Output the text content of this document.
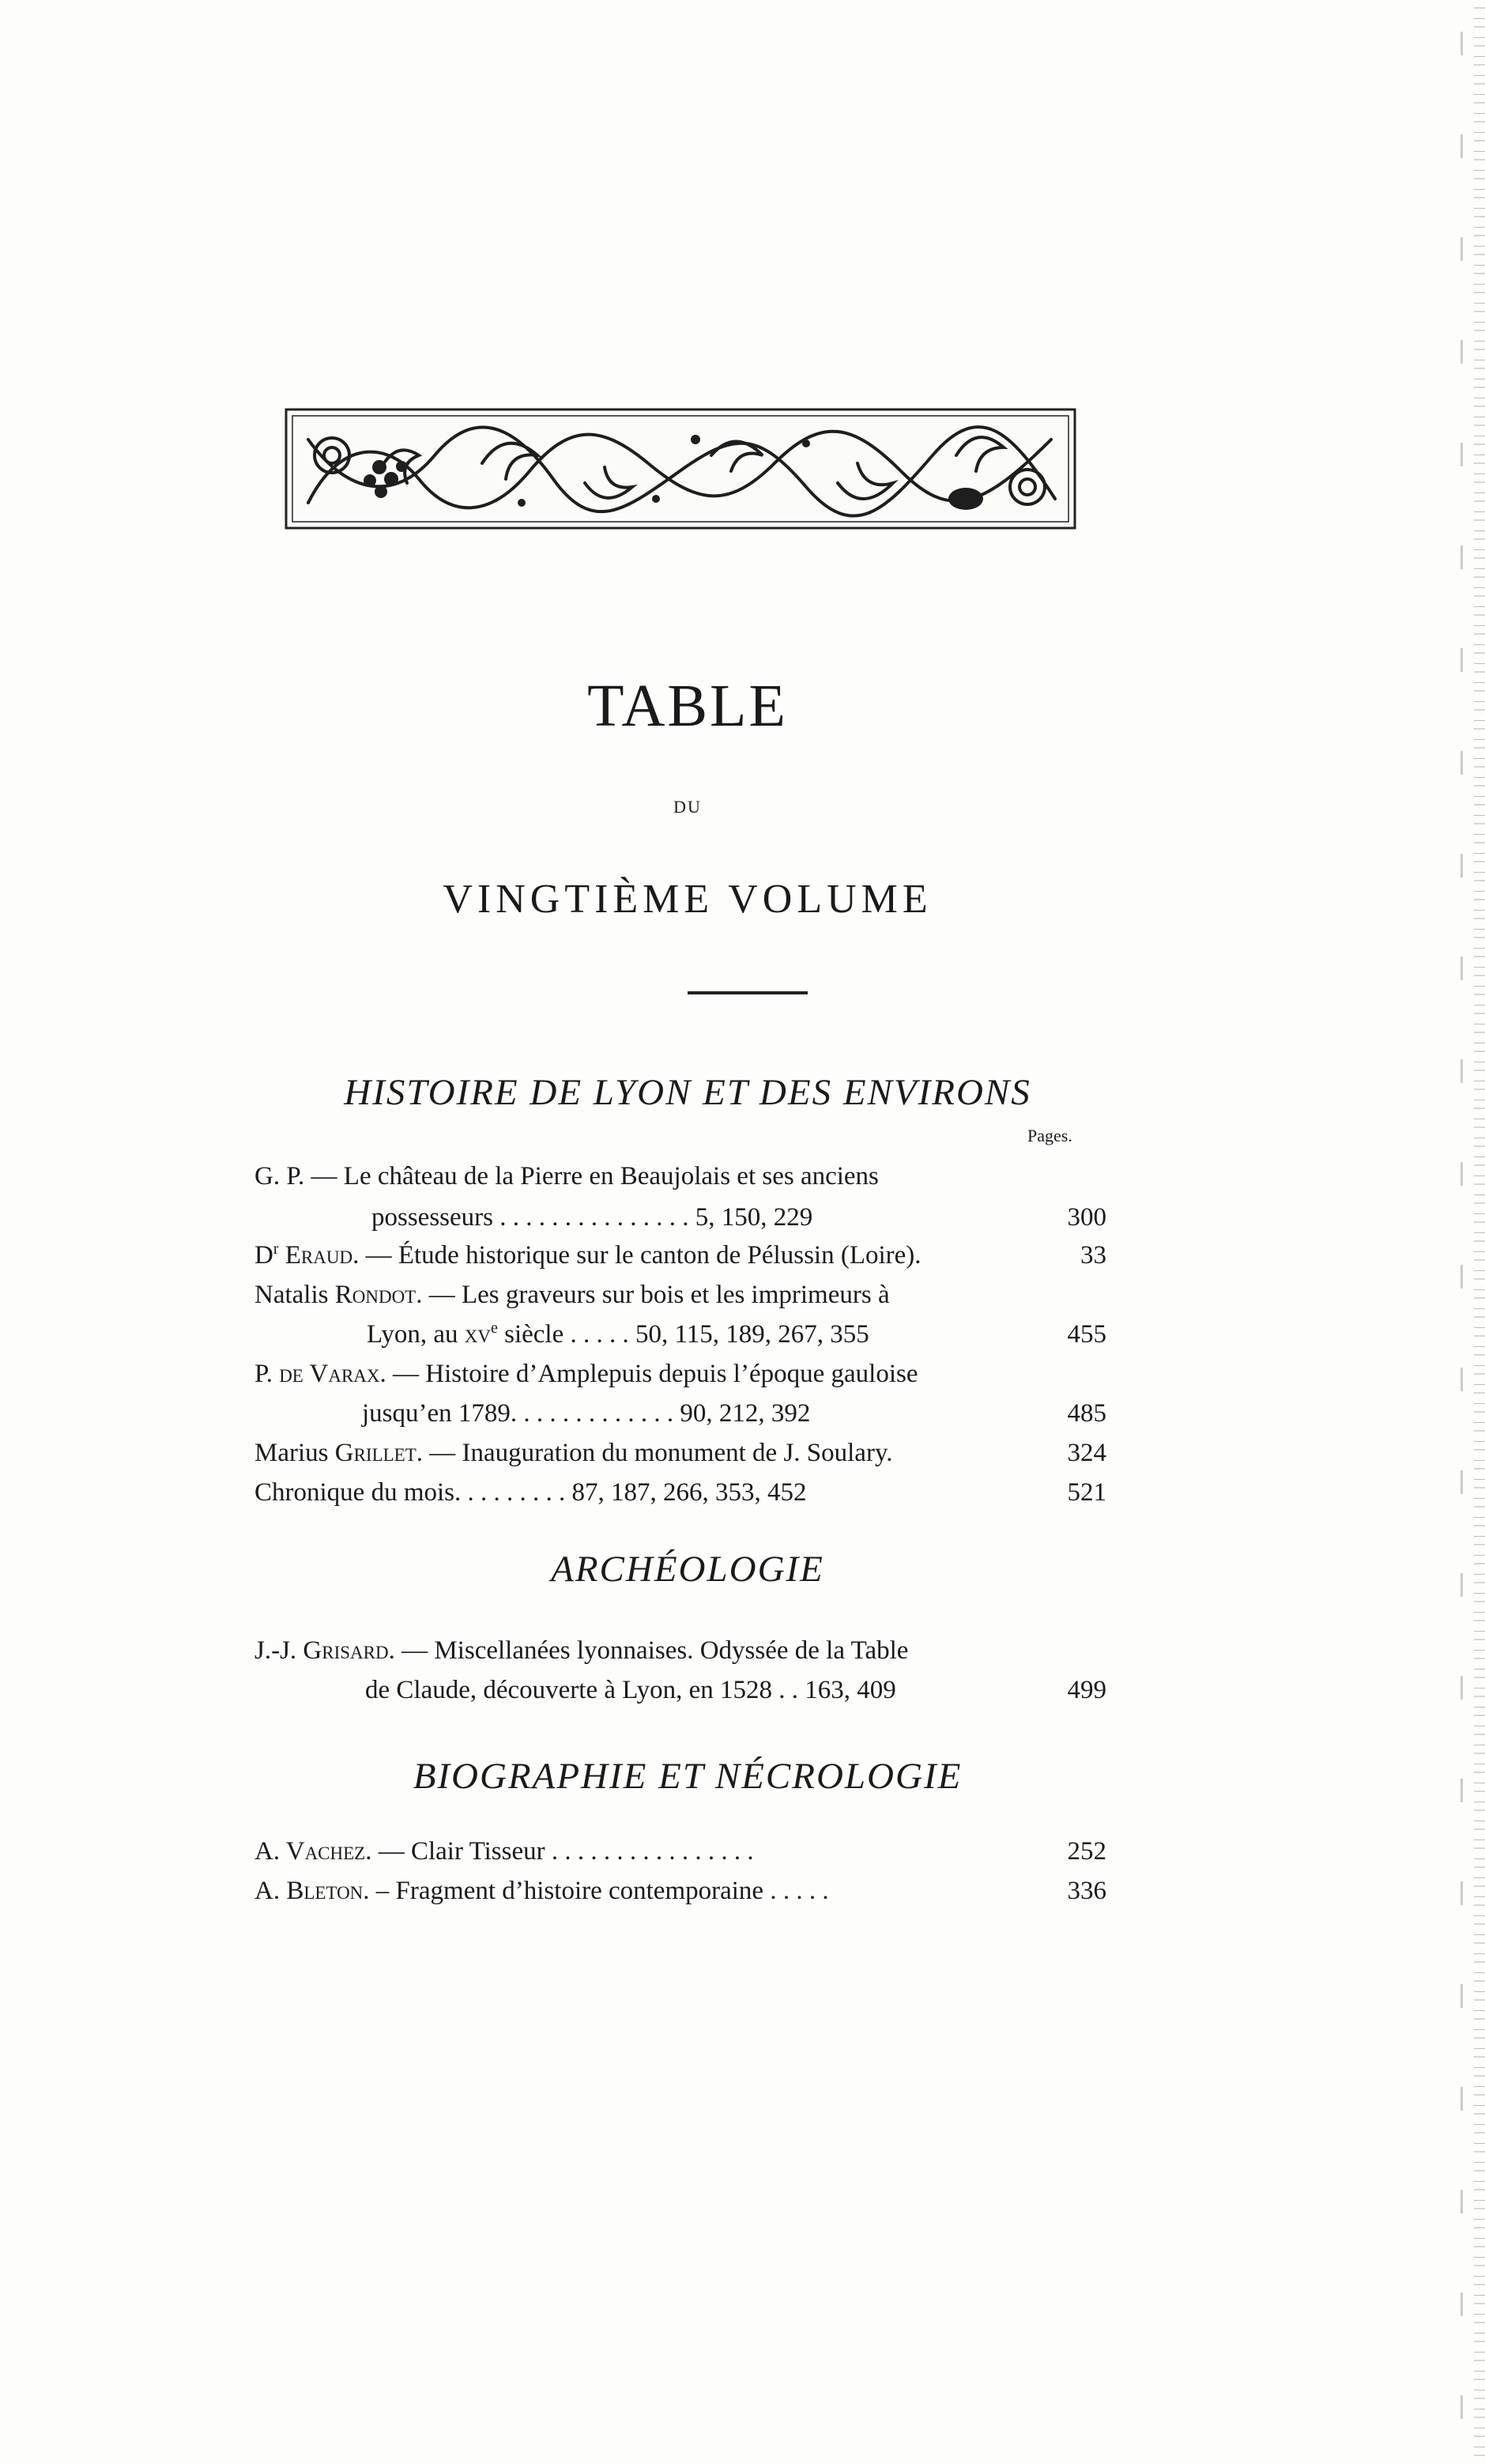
TABLE
DU
VINGTIÈME VOLUME
HISTOIRE DE LYON ET DES ENVIRONS
Pages.
G. P. — Le château de la Pierre en Beaujolais et ses anciens
possesseurs . . . . . . . . . . . . . . . 5, 150, 229	300
$D^r$ Eraud. — Étude historique sur le canton de Pélussin (Loire).	33
Natalis Rondot. — Les graveurs sur bois et les imprimeurs à
Lyon, au $xv^e$ siècle . . . . . 50, 115, 189, 267, 355	455
P. de Varax. — Histoire d’Amplepuis depuis l’époque gauloise
jusqu’en 1789. . . . . . . . . . . . . 90, 212, 392	485
Marius Grillet. — Inauguration du monument de J. Soulary.	324
Chronique du mois. . . . . . . . . 87, 187, 266, 353, 452	521
ARCHÉOLOGIE
J.-J. Grisard. — Miscellanées lyonnaises. Odyssée de la Table
de Claude, découverte à Lyon, en 1528 . . 163, 409	499
BIOGRAPHIE ET NÉCROLOGIE
A. Vachez. — Clair Tisseur . . . . . . . . . . . . . . . .	252
A. Bleton. – Fragment d’histoire contemporaine . . . . .	336
